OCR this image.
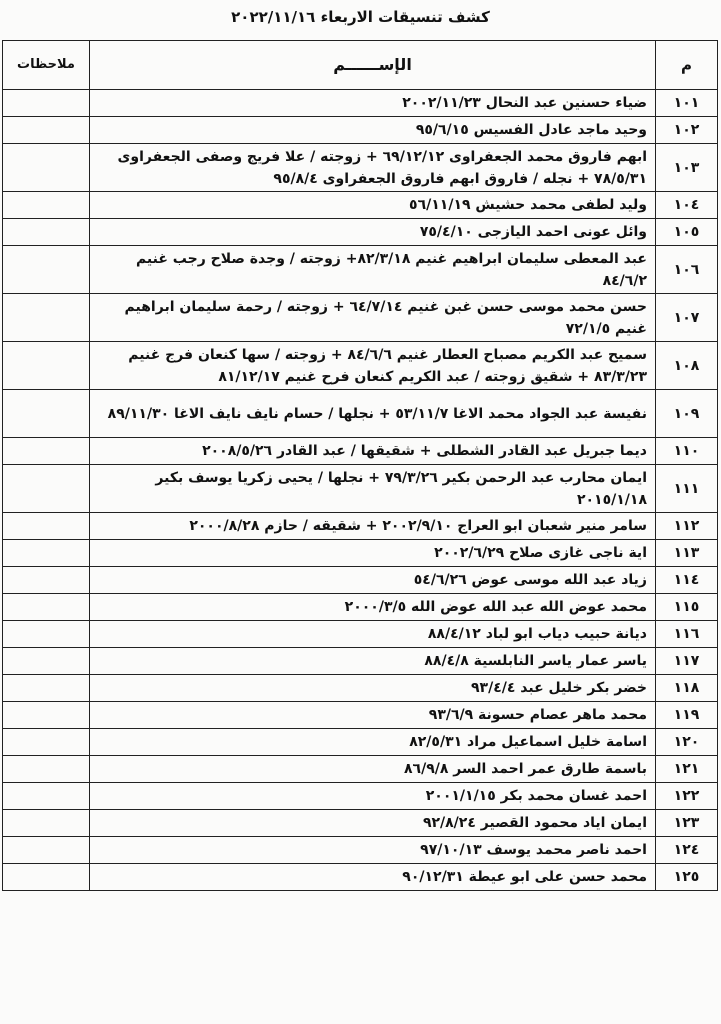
كشف تنسيقات الاربعاء ٢٠٢٢/١١/١٦
م	الإســــــم	ملاحظات
١٠١	ضياء حسنين عبد النحال ٢٠٠٢/١١/٢٣	
١٠٢	وحيد ماجد عادل الفسيس ٩٥/٦/١٥	
١٠٣	ابهم فاروق محمد الجعفراوى ٦٩/١٢/١٢ + زوجته / علا فريج وصفى الجعفراوى ٧٨/٥/٣١ + نجله / فاروق ابهم فاروق الجعفراوى ٩٥/٨/٤	
١٠٤	وليد لطفى محمد حشيش ٥٦/١١/١٩	
١٠٥	وائل عونى احمد اليازجى ٧٥/٤/١٠	
١٠٦	عبد المعطى سليمان ابراهيم غنيم ٨٢/٣/١٨+ زوجته / وجدة صلاح رجب غنيم ٨٤/٦/٢	
١٠٧	حسن محمد موسى حسن غبن غنيم ٦٤/٧/١٤ + زوجته / رحمة سليمان ابراهيم غنيم ٧٢/١/٥	
١٠٨	سميح عبد الكريم مصباح العطار غنيم ٨٤/٦/٦ + زوجته / سها كنعان فرج غنيم ٨٣/٣/٢٣ + شقيق زوجته / عبد الكريم كنعان فرح غنيم ٨١/١٢/١٧	
١٠٩	نفيسة عبد الجواد محمد الاغا ٥٣/١١/٧ + نجلها / حسام نايف نايف الاغا ٨٩/١١/٣٠	
١١٠	ديما جبريل عبد القادر الشطلى + شقيقها / عبد القادر ٢٠٠٨/٥/٢٦	
١١١	ايمان محارب عبد الرحمن بكير ٧٩/٣/٢٦ + نجلها / يحيى زكريا يوسف بكير ٢٠١٥/١/١٨	
١١٢	سامر منير شعبان ابو العراج ٢٠٠٢/٩/١٠ + شقيقه / حازم ٢٠٠٠/٨/٢٨	
١١٣	اية ناجى غازى صلاح ٢٠٠٢/٦/٢٩	
١١٤	زياد عبد الله موسى عوض ٥٤/٦/٢٦	
١١٥	محمد عوض الله عبد الله عوض الله ٢٠٠٠/٣/٥	
١١٦	ديانة حبيب دياب ابو لباد ٨٨/٤/١٢	
١١٧	ياسر عمار ياسر النابلسية ٨٨/٤/٨	
١١٨	خضر بكر خليل عبد ٩٣/٤/٤	
١١٩	محمد ماهر عصام حسونة ٩٣/٦/٩	
١٢٠	اسامة خليل اسماعيل مراد ٨٢/٥/٣١	
١٢١	باسمة طارق عمر احمد السر ٨٦/٩/٨	
١٢٢	احمد غسان محمد بكر ٢٠٠١/١/١٥	
١٢٣	ايمان اياد محمود القصير ٩٢/٨/٢٤	
١٢٤	احمد ناصر محمد يوسف ٩٧/١٠/١٣	
١٢٥	محمد حسن على ابو عيطة ٩٠/١٢/٣١	
